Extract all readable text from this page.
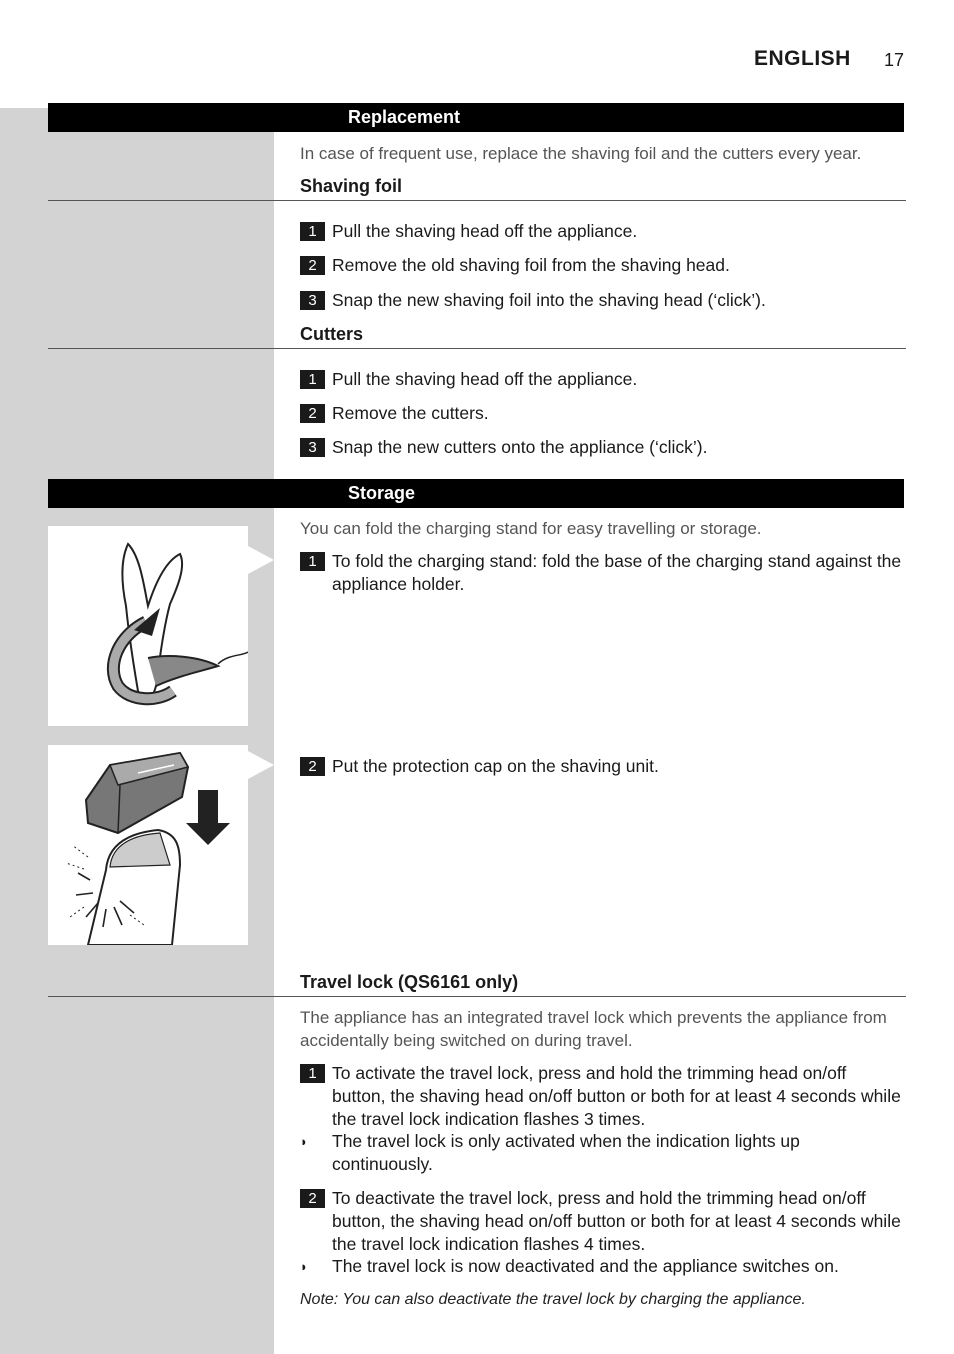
ENGLISH 17
Replacement
In case of frequent use, replace the shaving foil and the cutters every year.
Shaving foil
1 Pull the shaving head off the appliance.
2 Remove the old shaving foil from the shaving head.
3 Snap the new shaving foil into the shaving head (‘click’).
Cutters
1 Pull the shaving head off the appliance.
2 Remove the cutters.
3 Snap the new cutters onto the appliance (‘click’).
Storage
You can fold the charging stand for easy travelling or storage.
1 To fold the charging stand: fold the base of the charging stand against the appliance holder.
2 Put the protection cap on the shaving unit.
Travel lock (QS6161 only)
The appliance has an integrated travel lock which prevents the appliance from accidentally being switched on during travel.
1 To activate the travel lock, press and hold the trimming head on/off button, the shaving head on/off button or both for at least 4 seconds while the travel lock indication flashes 3 times.
◗ The travel lock is only activated when the indication lights up continuously.
2 To deactivate the travel lock, press and hold the trimming head on/off button, the shaving head on/off button or both for at least 4 seconds while the travel lock indication flashes 4 times.
◗ The travel lock is now deactivated and the appliance switches on.
Note: You can also deactivate the travel lock by charging the appliance.
